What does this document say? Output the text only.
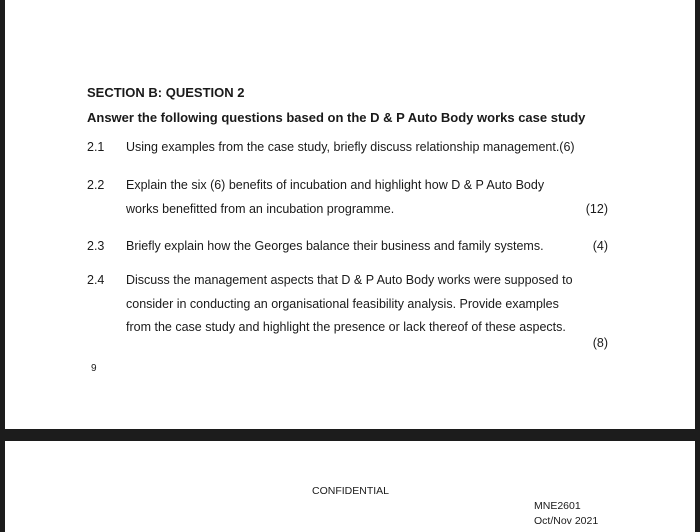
SECTION B: QUESTION 2
Answer the following questions based on the D & P Auto Body works case study
2.1 Using examples from the case study, briefly discuss relationship management.(6)
2.2 Explain the six (6) benefits of incubation and highlight how D & P Auto Body
works benefitted from an incubation programme.	(12)
2.3 Briefly explain how the Georges balance their business and family systems.	(4)
2.4 Discuss the management aspects that D & P Auto Body works were supposed to
consider in conducting an organisational feasibility analysis. Provide examples
from the case study and highlight the presence or lack thereof of these aspects.
(8)
9
CONFIDENTIAL
MNE2601
Oct/Nov 2021
